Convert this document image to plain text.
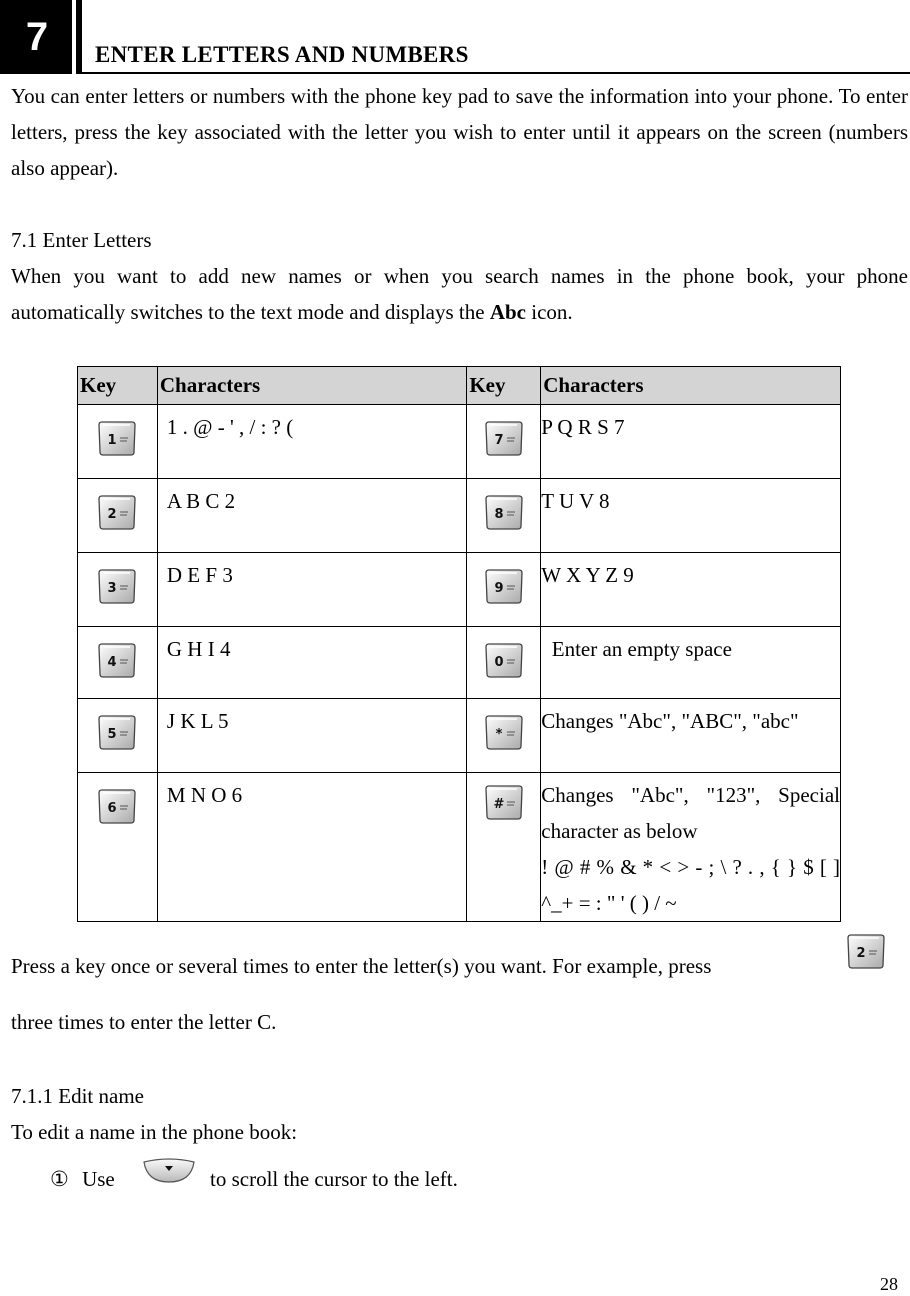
7	ENTER LETTERS AND NUMBERS
You can enter letters or numbers with the phone key pad to save the information into your phone. To enter letters, press the key associated with the letter you wish to enter until it appears on the screen (numbers also appear).
7.1 Enter Letters
When you want to add new names or when you search names in the phone book, your phone automatically switches to the text mode and displays the Abc icon.
Key	Characters	Key	Characters

1	1 . @ - ' , / : ? (	7	P Q R S 7

2	A B C 2	8	T U V 8

3	D E F 3	9	W X Y Z 9

4	G H I 4	0	Enter an empty space

5	J K L 5	*	Changes "Abc", "ABC", "abc"

6	M N O 6	#	Changes "Abc", "123", Special character as below
! @ # % & * < > - ; \ ? . , { } $ [ ] ^_+ = : " ' ( ) / ~
Press a key once or several times to enter the letter(s) you want. For example, press
2
three times to enter the letter C.
7.1.1 Edit name
To edit a name in the phone book:
① Use	to scroll the cursor to the left.
28
